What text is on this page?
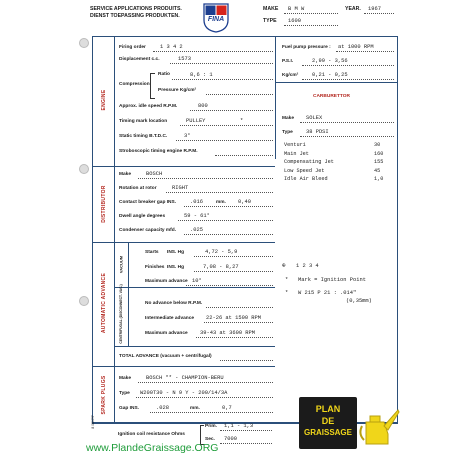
SERVICE APPLICATIONS PRODUITS.
DIENST TOEPASSING PRODUKTEN.	FINA
MAKE B M W	YEAR. 1967
TYPE 1600
ENGINE
DISTRIBUTOR
AUTOMATIC ADVANCE
SPARK PLUGS
Firing order	1 3 4 2
Displacement c.c.	1573
Compression
Ratio	8,6 : 1
Pressure Kg/cm²
Approx. idle speed R.P.M.	800
Timing mark location	PULLEY	*
Static timing B.T.D.C.	3°
Stroboscopic timing engine R.P.M.
Fuel pump pressure : at 1000 RPM
P.S.I.	2,99 - 3,56
Kg/cm²	0,21 - 0,25
CARBURETTOR
Make SOLEX
Type 38 PDSI
Venturi	30
Main Jet	160
Compensating Jet	155
Low Speed Jet	45
Idle Air Bleed	1,0
Make	BOSCH
Rotation at rotor	RIGHT
Contact breaker gap INS.	.016	mm. 0,40
Dwell angle degrees	59 - 61°
Condenser capacity mfd.	.025
VACUUM
CENTRIFUGAL (DISCONNECT. VAC.)
Starts INS. Hg	4,72 - 5,9
Finishes INS. Hg	7,08 - 8,27
Maximum advance 10°
No advance below R.P.M.
Intermediate advance 22-26 at 1500 RPM
Maximum advance 39-43 at 3600 RPM
TOTAL ADVANCE (vacuum + centrifugal)
⊕ 1 2 3 4
* Mark = Ignition Point
* W 215 P 21 : .014"
(0,35mm)
Make	BOSCH ** - CHAMPION-BERU
Type W200T30 - N 9 Y - 200/14/3A
Gap INS.	.028	mm.	0,7
Ignition coil resistance Ohms
Prim. 1,1 - 1,3
Sec. 7000
8 0807/7
www.PlandeGraissage.ORG
PLAN
DE
GRAISSAGE
